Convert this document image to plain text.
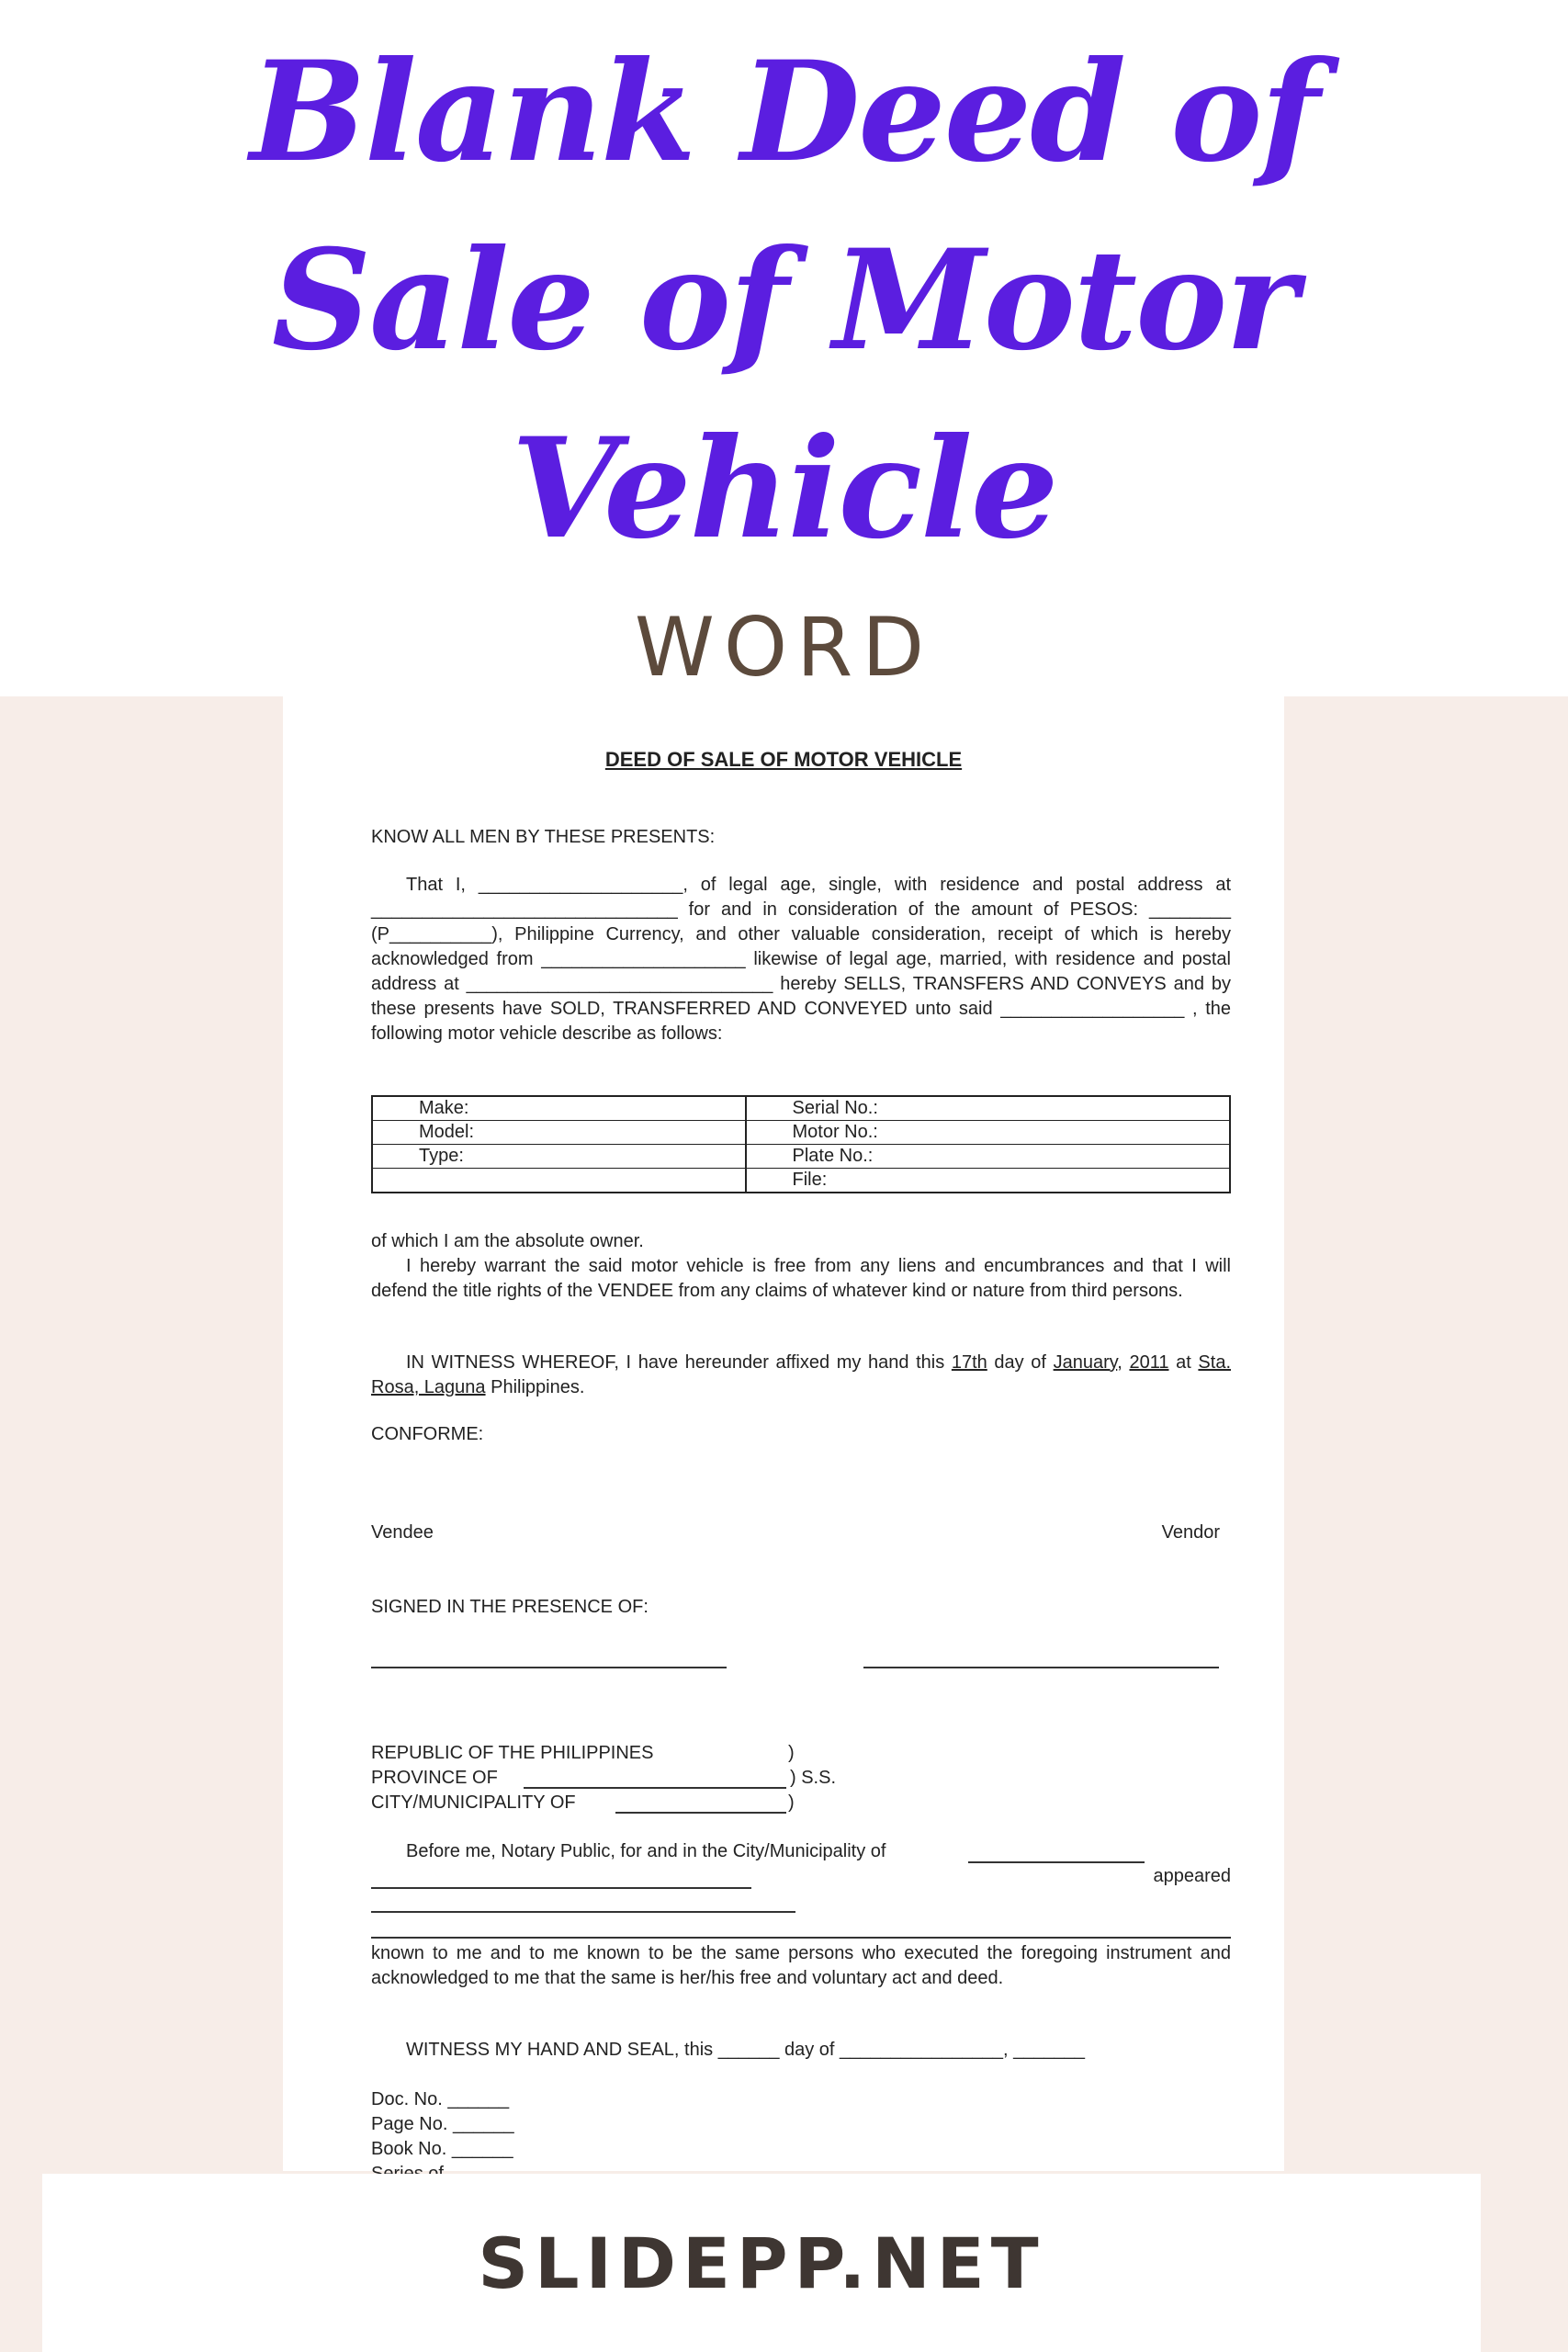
Blank Deed of
Sale of Motor
Vehicle
WORD
DEED OF SALE OF MOTOR VEHICLE

KNOW ALL MEN BY THESE PRESENTS:

That I, ____________________, of legal age, single, with residence and postal address at ______________________________ for and in consideration of the amount of PESOS: ________ (P__________), Philippine Currency, and other valuable consideration, receipt of which is hereby acknowledged from ____________________ likewise of legal age, married, with residence and postal address at ______________________________ hereby SELLS, TRANSFERS AND CONVEYS and by these presents have SOLD, TRANSFERRED AND CONVEYED unto said __________________ , the following motor vehicle describe as follows:

Make:	Serial No.:
Model:	Motor No.:
Type:	Plate No.:
	File:

of which I am the absolute owner.

I hereby warrant the said motor vehicle is free from any liens and encumbrances and that I will defend the title rights of the VENDEE from any claims of whatever kind or nature from third persons.

IN WITNESS WHEREOF, I have hereunder affixed my hand this 17th day of January, 2011 at Sta. Rosa, Laguna Philippines.

CONFORME:

Vendee	Vendor

SIGNED IN THE PRESENCE OF:

REPUBLIC OF THE PHILIPPINES	)

PROVINCE OF	) S.S.

CITY/MUNICIPALITY OF	)

Before me, Notary Public, for and in the City/Municipality of

appeared

known to me and to me known to be the same persons who executed the foregoing instrument and acknowledged to me that the same is her/his free and voluntary act and deed.

WITNESS MY HAND AND SEAL, this ______ day of ________________, _______

Doc. No. ______

Page No. ______

Book No. ______

SLIDEPP.NET
